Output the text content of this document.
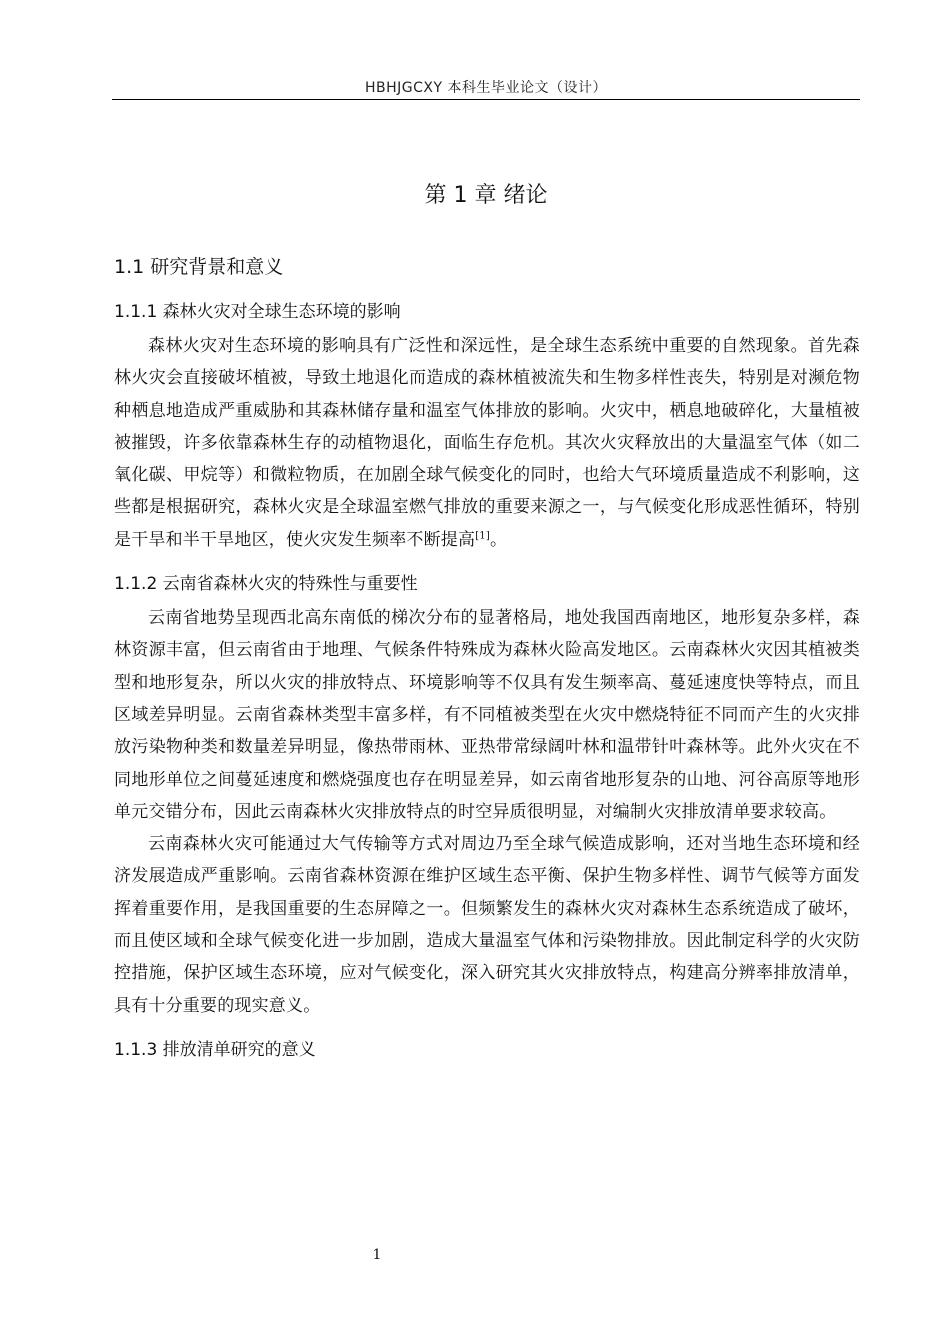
HBHJGCXY 本科生毕业论文（设计）
第 1 章 绪论
1.1 研究背景和意义
1.1.1 森林火灾对全球生态环境的影响

森林火灾对生态环境的影响具有广泛性和深远性，是全球生态系统中重要的自然现象。首先森林火灾会直接破坏植被，导致土地退化而造成的森林植被流失和生物多样性丧失，特别是对濒危物种栖息地造成严重威胁和其森林储存量和温室气体排放的影响。火灾中，栖息地破碎化，大量植被被摧毁，许多依靠森林生存的动植物退化，面临生存危机。其次火灾释放出的大量温室气体（如二氧化碳、甲烷等）和微粒物质，在加剧全球气候变化的同时，也给大气环境质量造成不利影响，这些都是根据研究，森林火灾是全球温室燃气排放的重要来源之一，与气候变化形成恶性循环，特别是干旱和半干旱地区，使火灾发生频率不断提高[1]。

1.1.2 云南省森林火灾的特殊性与重要性

云南省地势呈现西北高东南低的梯次分布的显著格局，地处我国西南地区，地形复杂多样，森林资源丰富，但云南省由于地理、气候条件特殊成为森林火险高发地区。云南森林火灾因其植被类型和地形复杂，所以火灾的排放特点、环境影响等不仅具有发生频率高、蔓延速度快等特点，而且区域差异明显。云南省森林类型丰富多样，有不同植被类型在火灾中燃烧特征不同而产生的火灾排放污染物种类和数量差异明显，像热带雨林、亚热带常绿阔叶林和温带针叶森林等。此外火灾在不同地形单位之间蔓延速度和燃烧强度也存在明显差异，如云南省地形复杂的山地、河谷高原等地形单元交错分布，因此云南森林火灾排放特点的时空异质很明显，对编制火灾排放清单要求较高。

云南森林火灾可能通过大气传输等方式对周边乃至全球气候造成影响，还对当地生态环境和经济发展造成严重影响。云南省森林资源在维护区域生态平衡、保护生物多样性、调节气候等方面发挥着重要作用，是我国重要的生态屏障之一。但频繁发生的森林火灾对森林生态系统造成了破坏，而且使区域和全球气候变化进一步加剧，造成大量温室气体和污染物排放。因此制定科学的火灾防控措施，保护区域生态环境，应对气候变化，深入研究其火灾排放特点，构建高分辨率排放清单，具有十分重要的现实意义。

1.1.3 排放清单研究的意义
1
